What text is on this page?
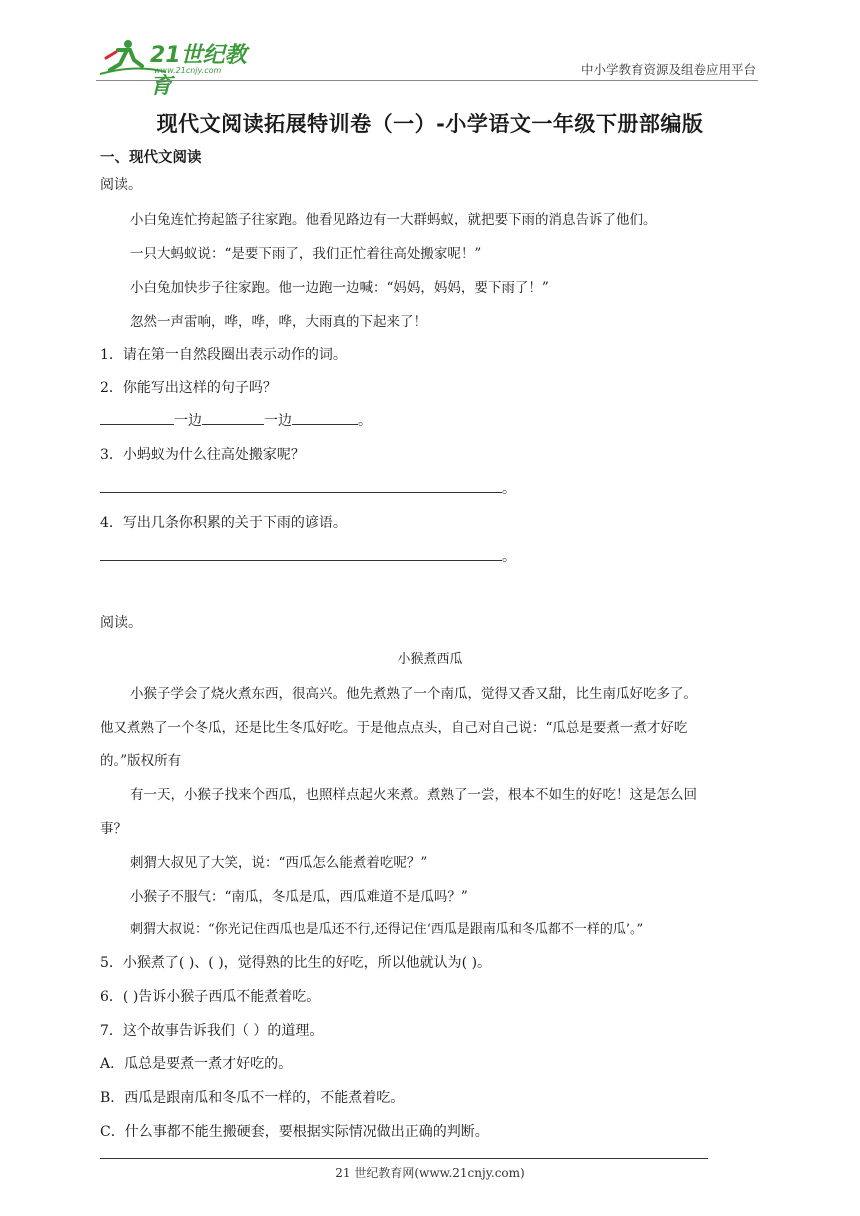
21世纪教育
www.21cnjy.com	中小学教育资源及组卷应用平台
现代文阅读拓展特训卷（一）-小学语文一年级下册部编版
一、现代文阅读
阅读。
小白兔连忙挎起篮子往家跑。他看见路边有一大群蚂蚁，就把要下雨的消息告诉了他们。
一只大蚂蚁说：“是要下雨了，我们正忙着往高处搬家呢！”
小白兔加快步子往家跑。他一边跑一边喊：“妈妈，妈妈，要下雨了！”
忽然一声雷响，哗，哗，哗，大雨真的下起来了！
1．请在第一自然段圈出表示动作的词。
2．你能写出这样的句子吗？
一边	一边	。
3．小蚂蚁为什么往高处搬家呢？
。
4．写出几条你积累的关于下雨的谚语。
。
阅读。
小猴煮西瓜
小猴子学会了烧火煮东西，很高兴。他先煮熟了一个南瓜，觉得又香又甜，比生南瓜好吃多了。
他又煮熟了一个冬瓜，还是比生冬瓜好吃。于是他点点头，自己对自己说：“瓜总是要煮一煮才好吃
的。”版权所有
有一天，小猴子找来个西瓜，也照样点起火来煮。煮熟了一尝，根本不如生的好吃！这是怎么回
事？
刺猬大叔见了大笑，说：“西瓜怎么能煮着吃呢？”
小猴子不服气：“南瓜，冬瓜是瓜，西瓜难道不是瓜吗？”
刺猬大叔说：“你光记住西瓜也是瓜还不行,还得记住‘西瓜是跟南瓜和冬瓜都不一样的瓜’。”
5．小猴煮了( )、( )，觉得熟的比生的好吃，所以他就认为( )。
6．( )告诉小猴子西瓜不能煮着吃。
7．这个故事告诉我们（ ）的道理。
A．瓜总是要煮一煮才好吃的。
B．西瓜是跟南瓜和冬瓜不一样的，不能煮着吃。
C．什么事都不能生搬硬套，要根据实际情况做出正确的判断。
21 世纪教育网(www.21cnjy.com)
